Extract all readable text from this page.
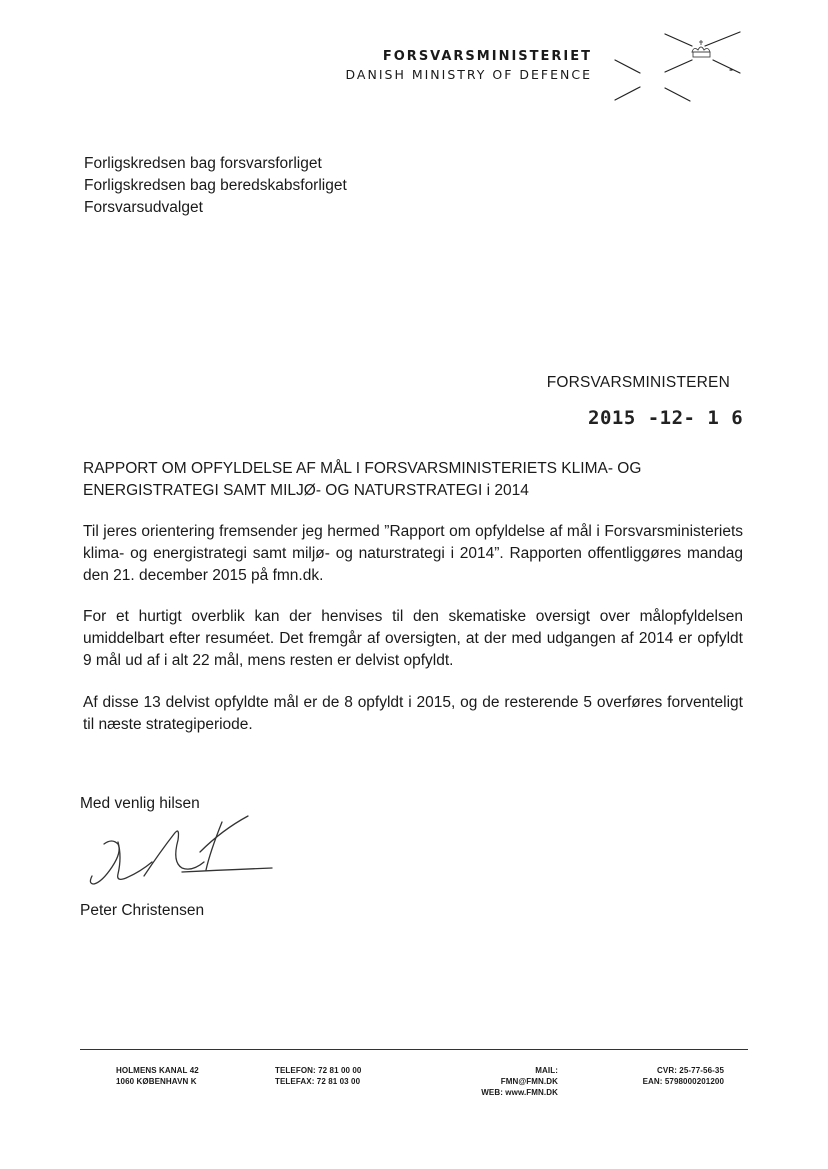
FORSVARSMINISTERIET
DANISH MINISTRY OF DEFENCE
Forligskredsen bag forsvarsforliget
Forligskredsen bag beredskabsforliget
Forsvarsudvalget
FORSVARSMINISTEREN
2015 -12- 1 6
RAPPORT OM OPFYLDELSE AF MÅL I FORSVARSMINISTERIETS KLIMA- OG ENERGISTRATEGI SAMT MILJØ- OG NATURSTRATEGI i 2014
Til jeres orientering fremsender jeg hermed ”Rapport om opfyldelse af mål i Forsvarsministeriets klima- og energistrategi samt miljø- og naturstrategi i 2014”. Rapporten offentliggøres mandag den 21. december 2015 på fmn.dk.
For et hurtigt overblik kan der henvises til den skematiske oversigt over målopfyldelsen umiddelbart efter resuméet. Det fremgår af oversigten, at der med udgangen af 2014 er opfyldt 9 mål ud af i alt 22 mål, mens resten er delvist opfyldt.
Af disse 13 delvist opfyldte mål er de 8 opfyldt i 2015, og de resterende 5 overføres forventeligt til næste strategiperiode.
Med venlig hilsen
Peter Christensen
HOLMENS KANAL 42
1060 KØBENHAVN K
TELEFON: 72 81 00 00
TELEFAX: 72 81 03 00
MAIL: FMN@FMN.DK
WEB: www.FMN.DK
CVR: 25-77-56-35
EAN: 5798000201200
